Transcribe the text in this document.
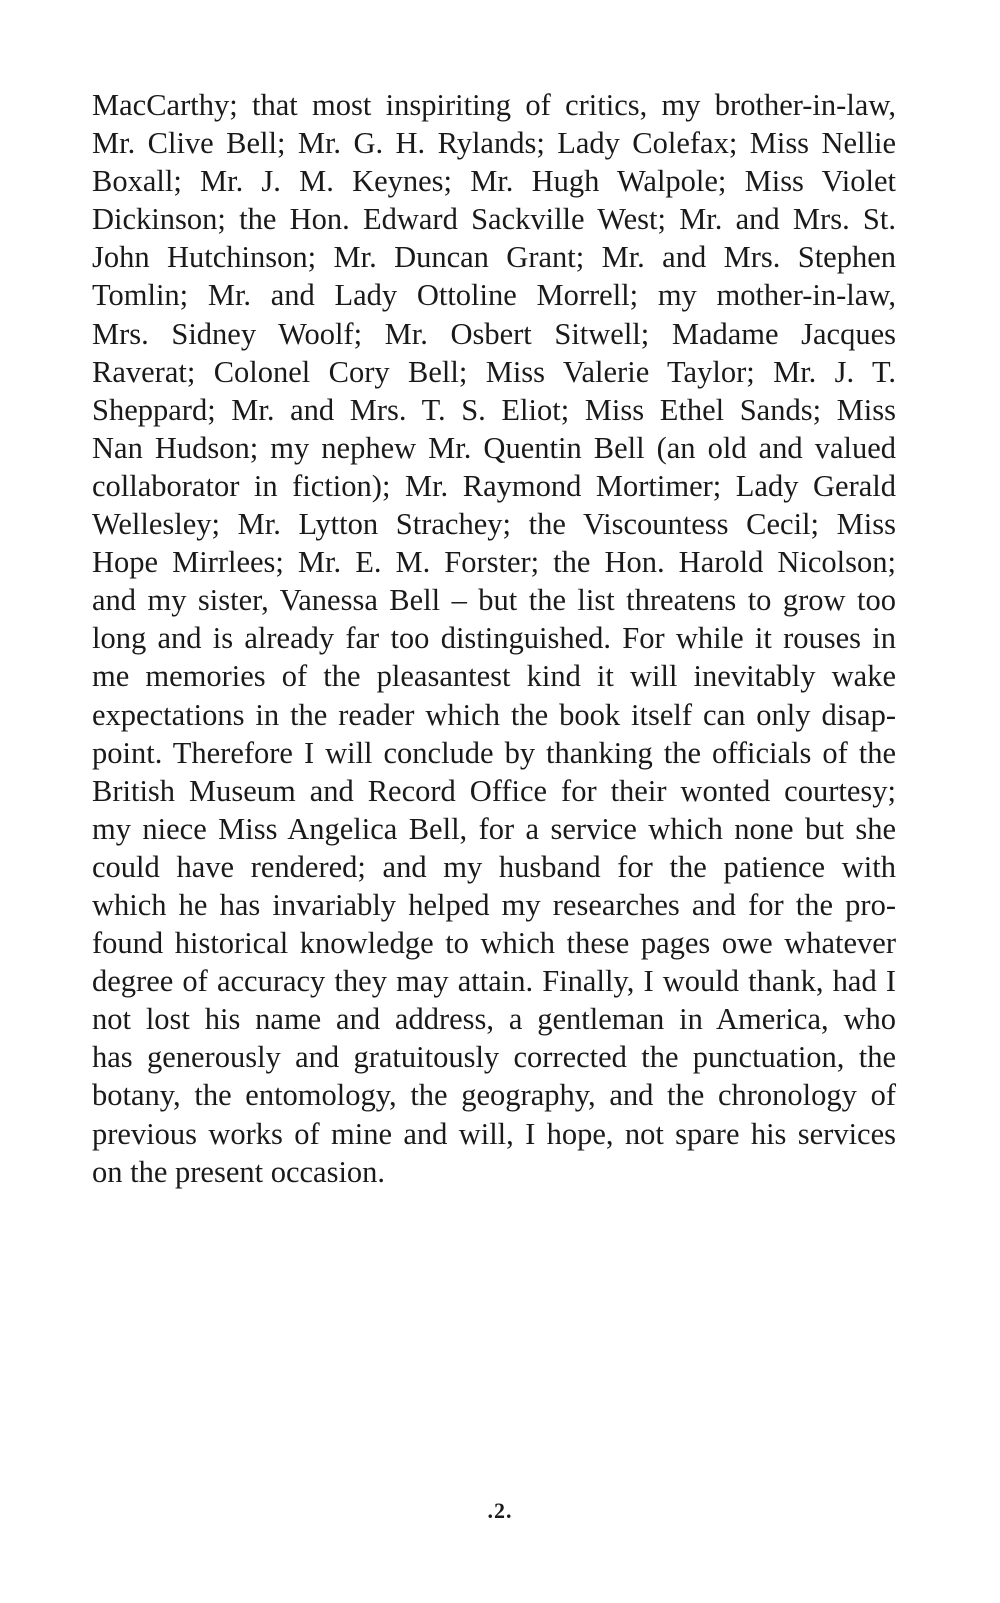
MacCarthy; that most inspiriting of critics, my brother-in-law,
Mr. Clive Bell; Mr. G. H. Rylands; Lady Colefax; Miss Nellie
Boxall; Mr. J. M. Keynes; Mr. Hugh Walpole; Miss Violet
Dickinson; the Hon. Edward Sackville West; Mr. and Mrs. St.
John Hutchinson; Mr. Duncan Grant; Mr. and Mrs. Stephen
Tomlin; Mr. and Lady Ottoline Morrell; my mother-in-law,
Mrs. Sidney Woolf; Mr. Osbert Sitwell; Madame Jacques
Raverat; Colonel Cory Bell; Miss Valerie Taylor; Mr. J. T.
Sheppard; Mr. and Mrs. T. S. Eliot; Miss Ethel Sands; Miss
Nan Hudson; my nephew Mr. Quentin Bell (an old and valued
collaborator in fiction); Mr. Raymond Mortimer; Lady Gerald
Wellesley; Mr. Lytton Strachey; the Viscountess Cecil; Miss
Hope Mirrlees; Mr. E. M. Forster; the Hon. Harold Nicolson;
and my sister, Vanessa Bell – but the list threatens to grow too
long and is already far too distinguished. For while it rouses in
me memories of the pleasantest kind it will inevitably wake
expectations in the reader which the book itself can only disap-
point. Therefore I will conclude by thanking the officials of the
British Museum and Record Office for their wonted courtesy;
my niece Miss Angelica Bell, for a service which none but she
could have rendered; and my husband for the patience with
which he has invariably helped my researches and for the pro-
found historical knowledge to which these pages owe whatever
degree of accuracy they may attain. Finally, I would thank, had I
not lost his name and address, a gentleman in America, who
has generously and gratuitously corrected the punctuation, the
botany, the entomology, the geography, and the chronology of
previous works of mine and will, I hope, not spare his services
on the present occasion.
.2.
